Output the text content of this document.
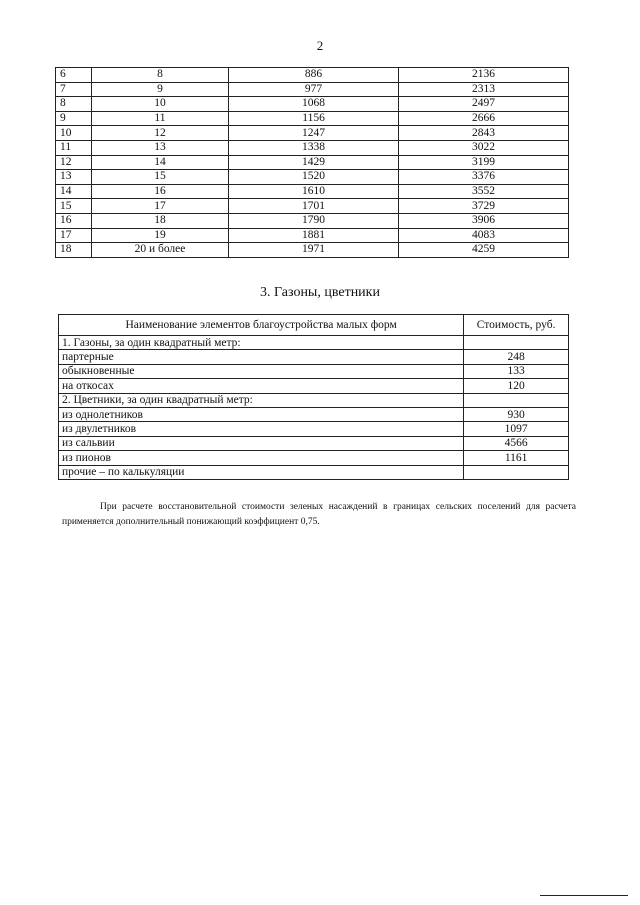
2
6	8	886	2136
7	9	977	2313
8	10	1068	2497
9	11	1156	2666
10	12	1247	2843
11	13	1338	3022
12	14	1429	3199
13	15	1520	3376
14	16	1610	3552
15	17	1701	3729
16	18	1790	3906
17	19	1881	4083
18	20 и более	1971	4259
3. Газоны, цветники
Наименование элементов благоустройства малых форм	Стоимость, руб.
1. Газоны, за один квадратный метр:	
партерные	248
обыкновенные	133
на откосах	120
2. Цветники, за один квадратный метр:	
из однолетников	930
из двулетников	1097
из сальвии	4566
из пионов	1161
прочие – по калькуляции	
При расчете восстановительной стоимости зеленых насаждений в границах сельских поселений для расчета применяется дополнительный понижающий коэффициент 0,75.
